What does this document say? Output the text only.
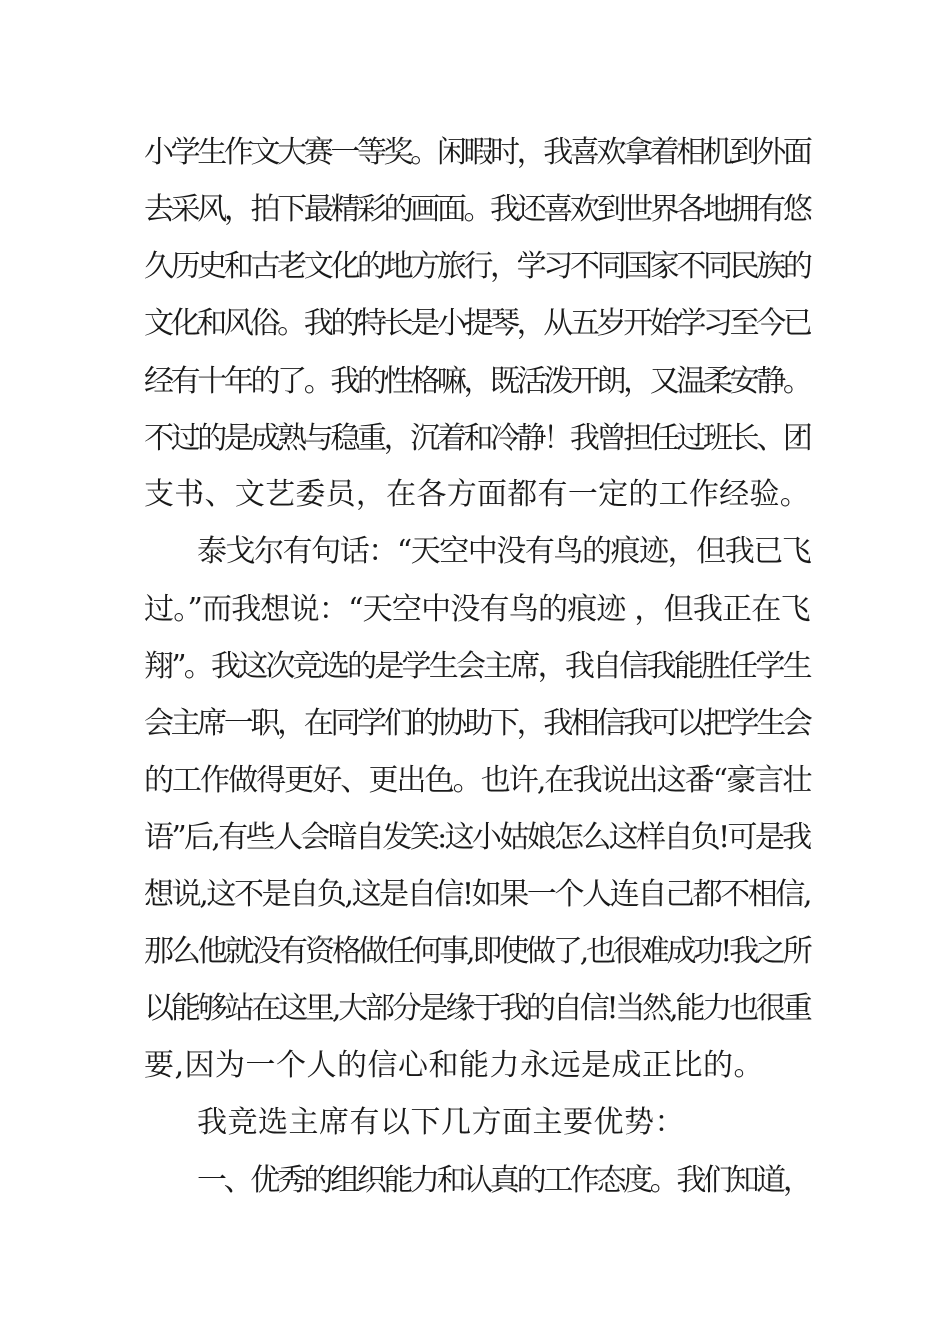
小学生作文大赛一等奖。闲暇时，我喜欢拿着相机到外面
去采风，拍下最精彩的画面。我还喜欢到世界各地拥有悠
久历史和古老文化的地方旅行，学习不同国家不同民族的
文化和风俗。我的特长是小提琴，从五岁开始学习至今已
经有十年的了。我的性格嘛，既活泼开朗，又温柔安静。
不过的是成熟与稳重，沉着和冷静！我曾担任过班长、团
支书、文艺委员，在各方面都有一定的工作经验。
泰戈尔有句话：“天空中没有鸟的痕迹，但我已飞
过。”而我想说：“天空中没有鸟的痕迹 ，但我正在飞
翔”。我这次竞选的是学生会主席，我自信我能胜任学生
会主席一职，在同学们的协助下，我相信我可以把学生会
的工作做得更好、更出色。也许,在我说出这番“豪言壮
语”后,有些人会暗自发笑:这小姑娘怎么这样自负!可是我
想说,这不是自负,这是自信!如果一个人连自己都不相信,
那么他就没有资格做任何事,即使做了,也很难成功!我之所
以能够站在这里,大部分是缘于我的自信!当然,能力也很重
要,因为一个人的信心和能力永远是成正比的。
我竞选主席有以下几方面主要优势：
一、优秀的组织能力和认真的工作态度。我们知道，
